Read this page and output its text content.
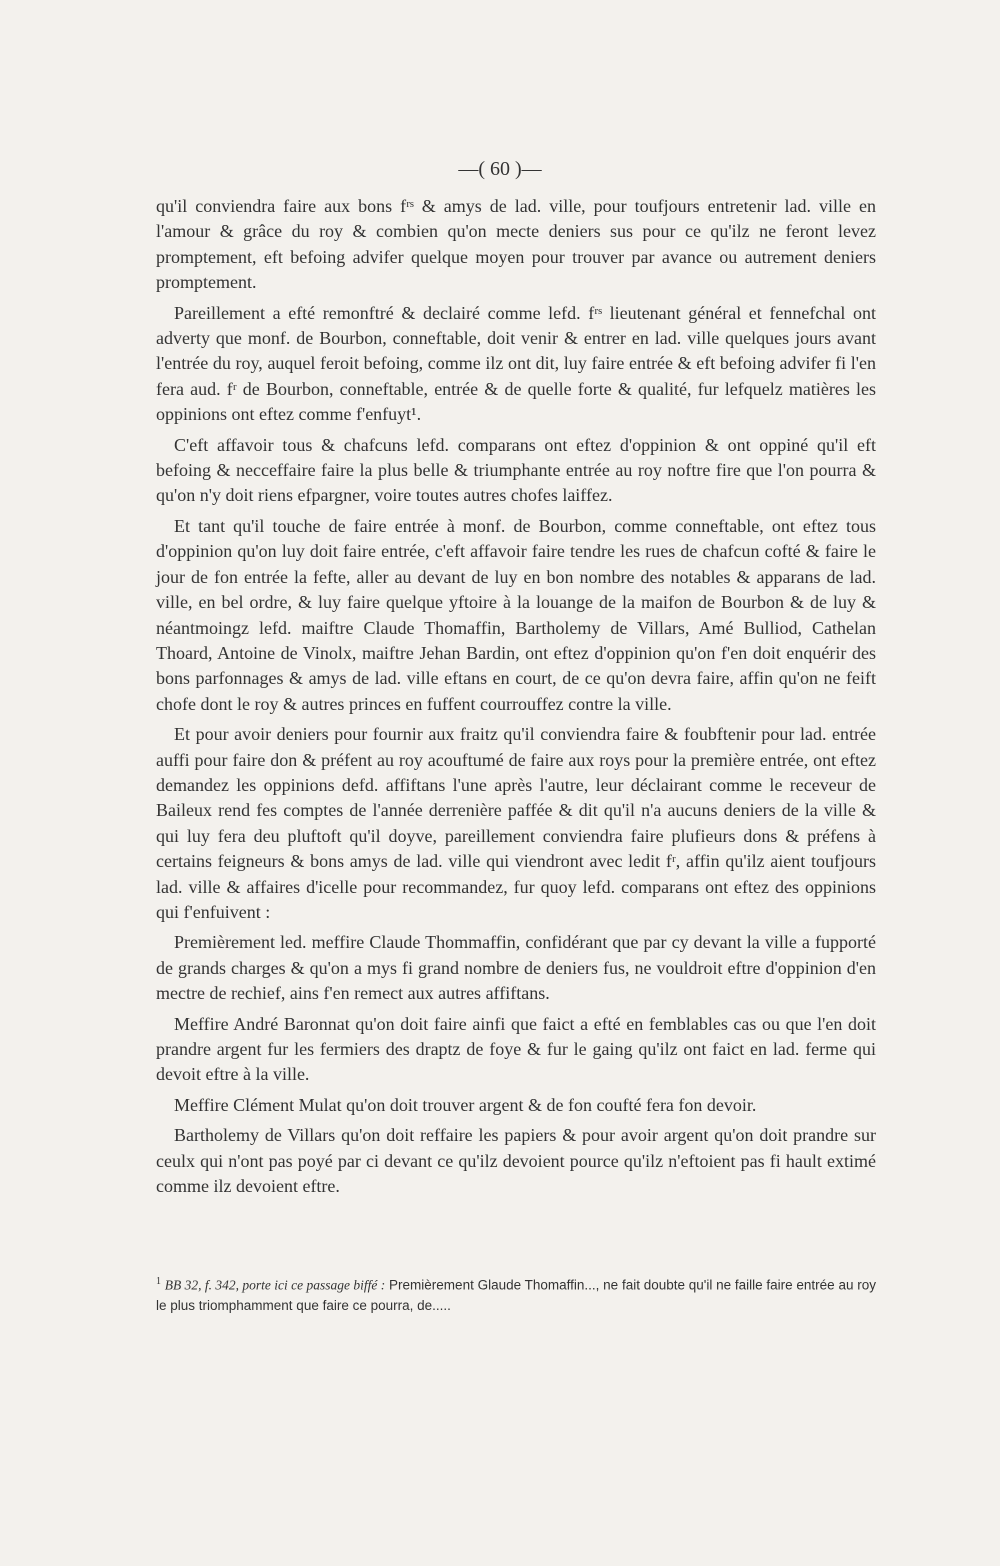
—( 60 )—

qu'il conviendra faire aux bons fʳˢ & amys de lad. ville, pour toufjours entretenir lad. ville en l'amour & grâce du roy & combien qu'on mecte deniers sus pour ce qu'ilz ne feront levez promptement, eft befoing advifer quelque moyen pour trouver par avance ou autrement deniers promptement.

Pareillement a efté remonftré & declairé comme lefd. fʳˢ lieutenant général et fennefchal ont adverty que monf. de Bourbon, conneftable, doit venir & entrer en lad. ville quelques jours avant l'entrée du roy, auquel feroit befoing, comme ilz ont dit, luy faire entrée & eft befoing advifer fi l'en fera aud. fʳ de Bourbon, conneftable, entrée & de quelle forte & qualité, fur lefquelz matières les oppinions ont eftez comme f'enfuyt¹.

C'eft affavoir tous & chafcuns lefd. comparans ont eftez d'oppinion & ont oppiné qu'il eft befoing & necceffaire faire la plus belle & triumphante entrée au roy noftre fire que l'on pourra & qu'on n'y doit riens efpargner, voire toutes autres chofes laiffez.

Et tant qu'il touche de faire entrée à monf. de Bourbon, comme conneftable, ont eftez tous d'oppinion qu'on luy doit faire entrée, c'eft affavoir faire tendre les rues de chafcun cofté & faire le jour de fon entrée la fefte, aller au devant de luy en bon nombre des notables & apparans de lad. ville, en bel ordre, & luy faire quelque yftoire à la louange de la maifon de Bourbon & de luy & néantmoingz lefd. maiftre Claude Thomaffin, Bartholemy de Villars, Amé Bulliod, Cathelan Thoard, Antoine de Vinolx, maiftre Jehan Bardin, ont eftez d'oppinion qu'on f'en doit enquérir des bons parfonnages & amys de lad. ville eftans en court, de ce qu'on devra faire, affin qu'on ne feift chofe dont le roy & autres princes en fuffent courrouffez contre la ville.

Et pour avoir deniers pour fournir aux fraitz qu'il conviendra faire & foubftenir pour lad. entrée auffi pour faire don & préfent au roy acouftumé de faire aux roys pour la première entrée, ont eftez demandez les oppinions defd. affiftans l'une après l'autre, leur déclairant comme le receveur de Baileux rend fes comptes de l'année derrenière paffée & dit qu'il n'a aucuns deniers de la ville & qui luy fera deu pluftoft qu'il doyve, pareillement conviendra faire plufieurs dons & préfens à certains feigneurs & bons amys de lad. ville qui viendront avec ledit fʳ, affin qu'ilz aient toufjours lad. ville & affaires d'icelle pour recommandez, fur quoy lefd. comparans ont eftez des oppinions qui f'enfuivent :

Premièrement led. meffire Claude Thommaffin, confidérant que par cy devant la ville a fupporté de grands charges & qu'on a mys fi grand nombre de deniers fus, ne vouldroit eftre d'oppinion d'en mectre de rechief, ains f'en remect aux autres affiftans.

Meffire André Baronnat qu'on doit faire ainfi que faict a efté en femblables cas ou que l'en doit prandre argent fur les fermiers des draptz de foye & fur le gaing qu'ilz ont faict en lad. ferme qui devoit eftre à la ville.

Meffire Clément Mulat qu'on doit trouver argent & de fon coufté fera fon devoir.

Bartholemy de Villars qu'on doit reffaire les papiers & pour avoir argent qu'on doit prandre sur ceulx qui n'ont pas poyé par ci devant ce qu'ilz devoient pource qu'ilz n'eftoient pas fi hault extimé comme ilz devoient eftre.

$^1$ BB 32, f. 342, porte ici ce passage biffé : Premièrement Glaude Thomaffin..., ne fait doubte qu'il ne faille faire entrée au roy le plus triomphamment que faire ce pourra, de.....
